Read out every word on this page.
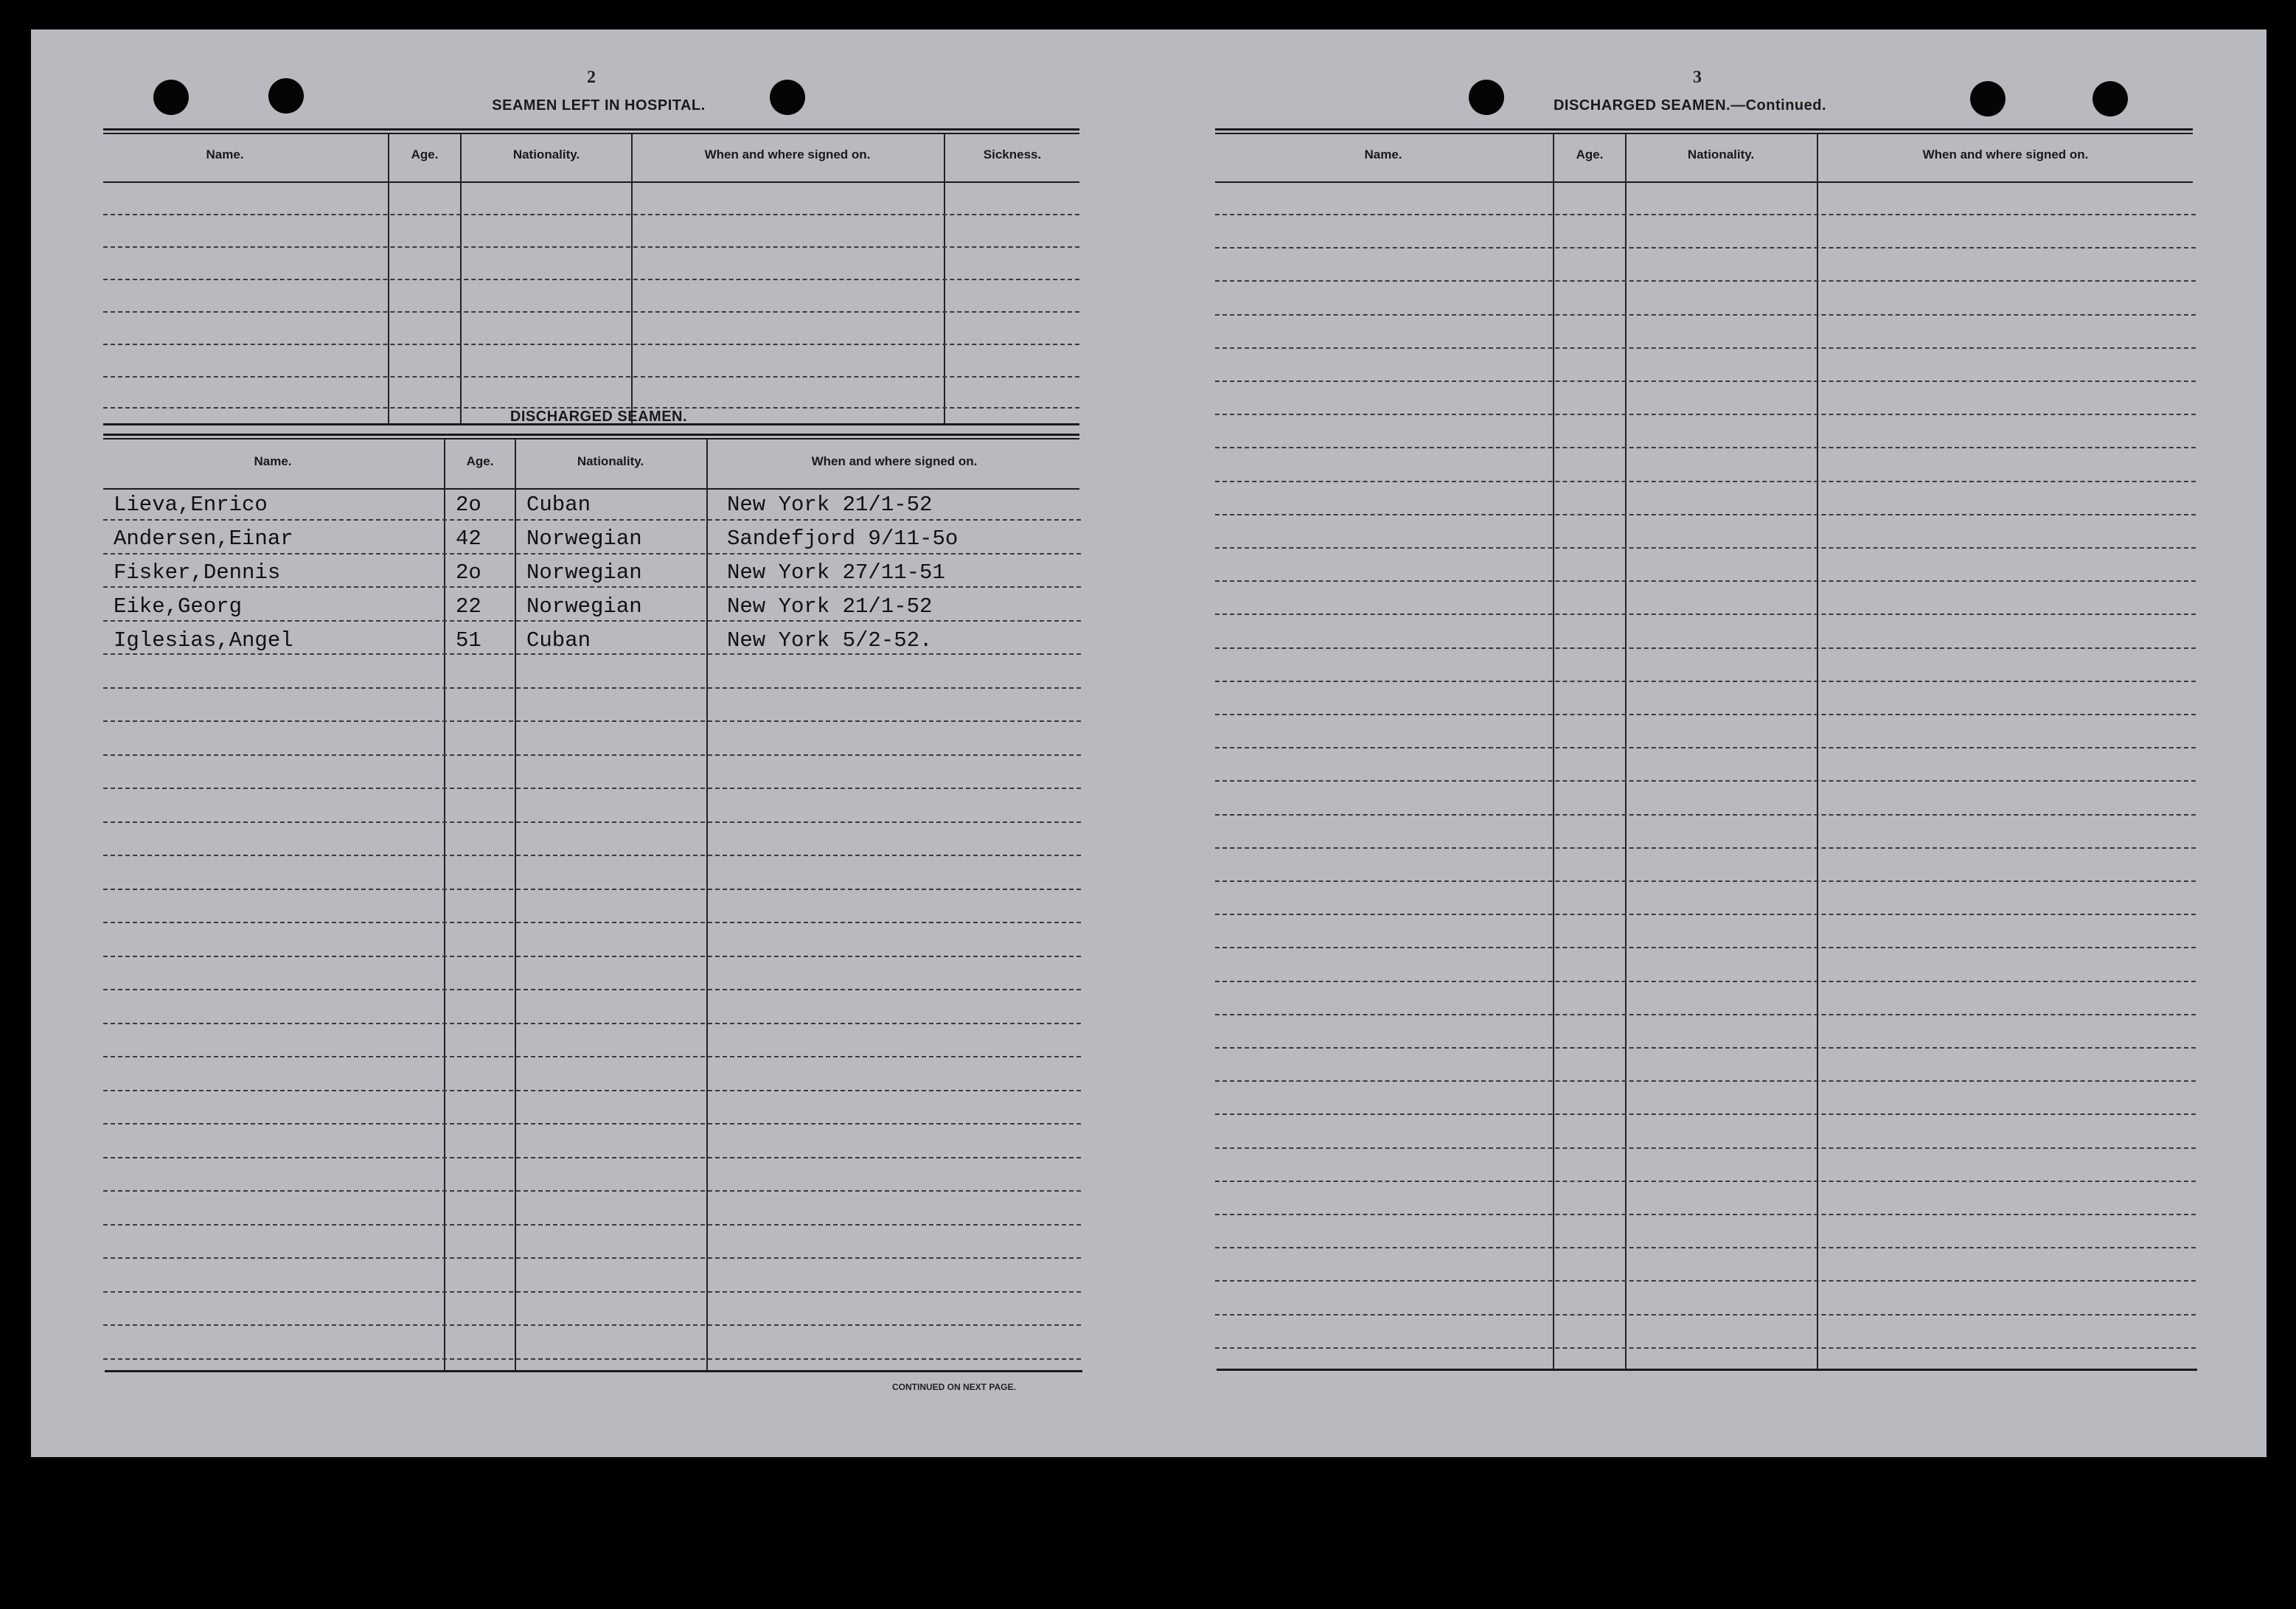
2
SEAMEN LEFT IN HOSPITAL.
Name.	Age.	Nationality.	When and where signed on.	Sickness.
DISCHARGED SEAMEN.
Name.	Age.	Nationality.	When and where signed on.
Lieva,Enrico	2o Cuban	New York 21/1-52
Andersen,Einar	42 Norwegian	Sandefjord 9/11-5o
Fisker,Dennis	2o Norwegian	New York 27/11-51
Eike,Georg	22 Norwegian	New York 21/1-52
Iglesias,Angel	51 Cuban	New York 5/2-52.
CONTINUED ON NEXT PAGE.
3
DISCHARGED SEAMEN.—Continued.
Name.	Age.	Nationality.	When and where signed on.
